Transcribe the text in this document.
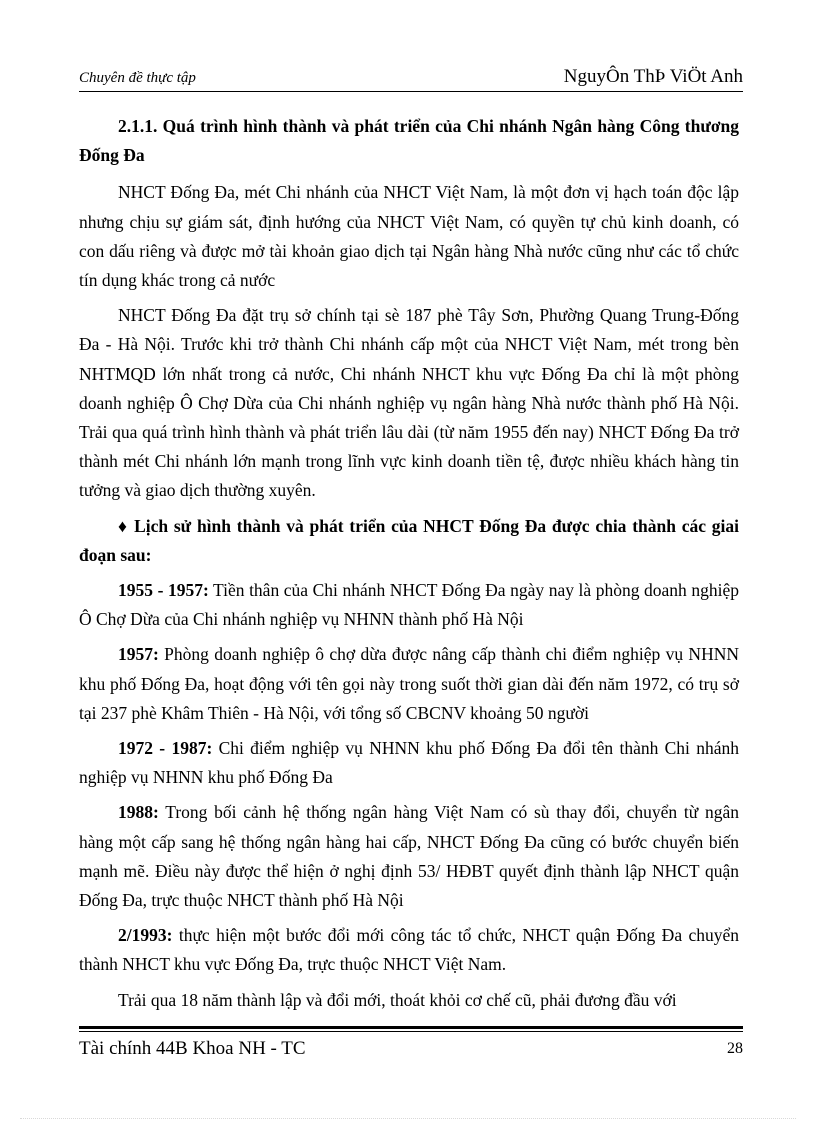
Chuyên đề thực tập	NguyÔn ThÞ ViÖt Anh

2.1.1. Quá trình hình thành và phát triển của Chi nhánh Ngân hàng Công thương Đống Đa

NHCT Đống Đa, mét Chi nhánh của NHCT Việt Nam, là một đơn vị hạch toán độc lập nhưng chịu sự giám sát, định hướng của NHCT Việt Nam, có quyền tự chủ kinh doanh, có con dấu riêng và được mở tài khoản giao dịch tại Ngân hàng Nhà nước cũng như các tổ chức tín dụng khác trong cả nước

NHCT Đống Đa đặt trụ sở chính tại sè 187 phè Tây Sơn, Phường Quang Trung-Đống Đa - Hà Nội. Trước khi trở thành Chi nhánh cấp một của NHCT Việt Nam, mét trong bèn NHTMQD lớn nhất trong cả nước, Chi nhánh NHCT khu vực Đống Đa chỉ là một phòng doanh nghiệp Ô Chợ Dừa của Chi nhánh nghiệp vụ ngân hàng Nhà nước thành phố Hà Nội. Trải qua quá trình hình thành và phát triển lâu dài (từ năm 1955 đến nay) NHCT Đống Đa trở thành mét Chi nhánh lớn mạnh trong lĩnh vực kinh doanh tiền tệ, được nhiều khách hàng tin tưởng và giao dịch thường xuyên.

♦ Lịch sử hình thành và phát triển của NHCT Đống Đa được chia thành các giai đoạn sau:

1955 - 1957: Tiền thân của Chi nhánh NHCT Đống Đa ngày nay là phòng doanh nghiệp Ô Chợ Dừa của Chi nhánh nghiệp vụ NHNN thành phố Hà Nội

1957: Phòng doanh nghiệp ô chợ dừa được nâng cấp thành chi điểm nghiệp vụ NHNN khu phố Đống Đa, hoạt động với tên gọi này trong suốt thời gian dài đến năm 1972, có trụ sở tại 237 phè Khâm Thiên - Hà Nội, với tổng số CBCNV khoảng 50 người

1972 - 1987: Chi điểm nghiệp vụ NHNN khu phố Đống Đa đổi tên thành Chi nhánh nghiệp vụ NHNN khu phố Đống Đa

1988: Trong bối cảnh hệ thống ngân hàng Việt Nam có sù thay đổi, chuyển từ ngân hàng một cấp sang hệ thống ngân hàng hai cấp, NHCT Đống Đa cũng có bước chuyển biến mạnh mẽ. Điều này được thể hiện ở nghị định 53/ HĐBT quyết định thành lập NHCT quận Đống Đa, trực thuộc NHCT thành phố Hà Nội

2/1993: thực hiện một bước đổi mới công tác tổ chức, NHCT quận Đống Đa chuyển thành NHCT khu vực Đống Đa, trực thuộc NHCT Việt Nam.

Trải qua 18 năm thành lập và đổi mới, thoát khỏi cơ chế cũ, phải đương đầu với

Tài chính 44B Khoa NH - TC	28
